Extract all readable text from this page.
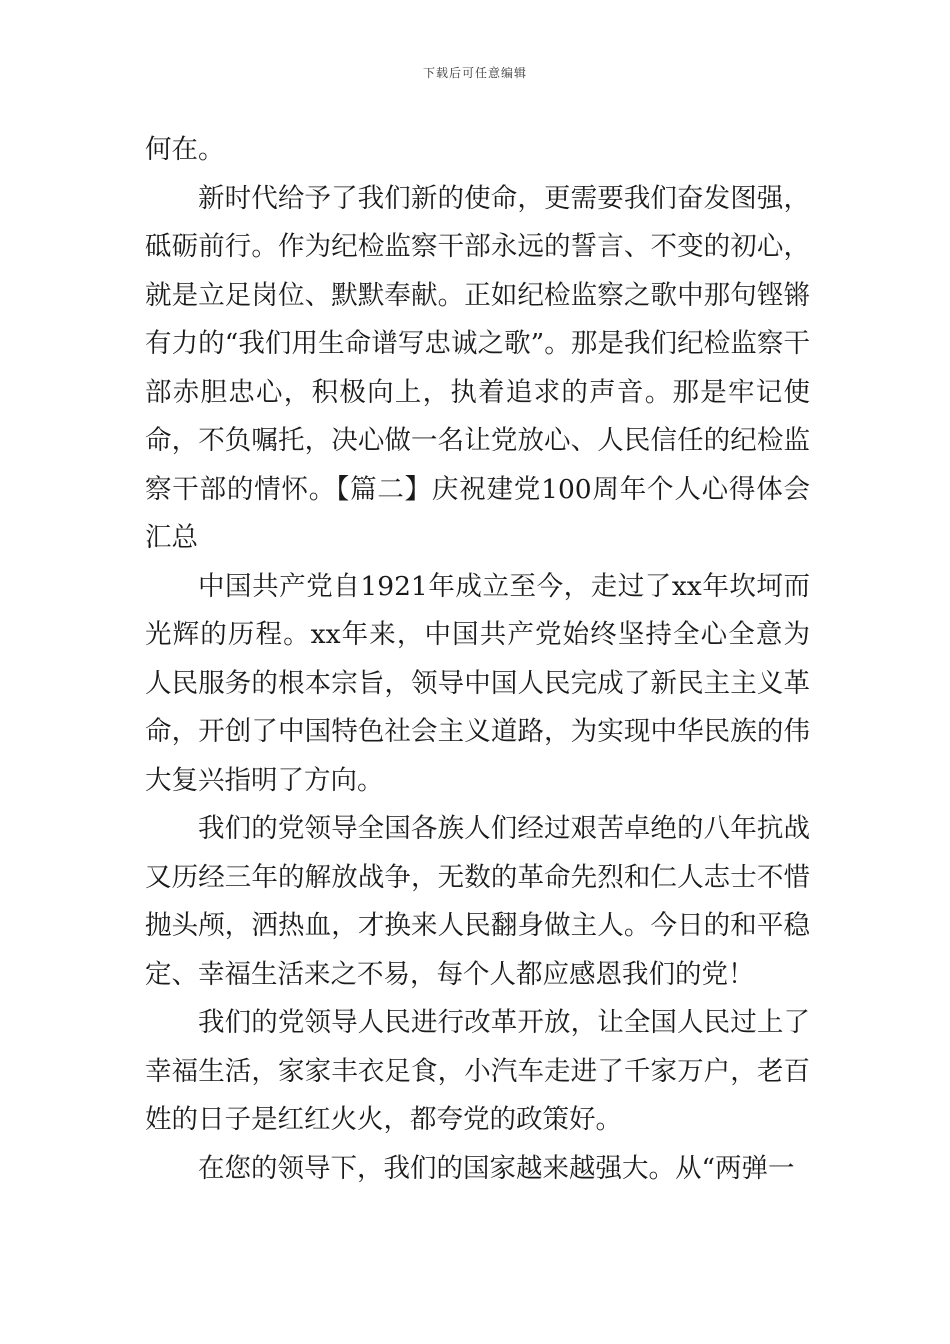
下载后可任意编辑

何在。

新时代给予了我们新的使命，更需要我们奋发图强，砥砺前行。作为纪检监察干部永远的誓言、不变的初心，就是立足岗位、默默奉献。正如纪检监察之歌中那句铿锵有力的“我们用生命谱写忠诚之歌”。那是我们纪检监察干部赤胆忠心，积极向上，执着追求的声音。那是牢记使命，不负嘱托，决心做一名让党放心、人民信任的纪检监察干部的情怀。【篇二】庆祝建党100周年个人心得体会汇总

中国共产党自1921年成立至今，走过了xx年坎坷而光辉的历程。xx年来，中国共产党始终坚持全心全意为人民服务的根本宗旨，领导中国人民完成了新民主主义革命，开创了中国特色社会主义道路，为实现中华民族的伟大复兴指明了方向。

我们的党领导全国各族人们经过艰苦卓绝的八年抗战又历经三年的解放战争，无数的革命先烈和仁人志士不惜抛头颅，洒热血，才换来人民翻身做主人。今日的和平稳定、幸福生活来之不易，每个人都应感恩我们的党！

我们的党领导人民进行改革开放，让全国人民过上了幸福生活，家家丰衣足食，小汽车走进了千家万户，老百姓的日子是红红火火，都夸党的政策好。

在您的领导下，我们的国家越来越强大。从“两弹一
